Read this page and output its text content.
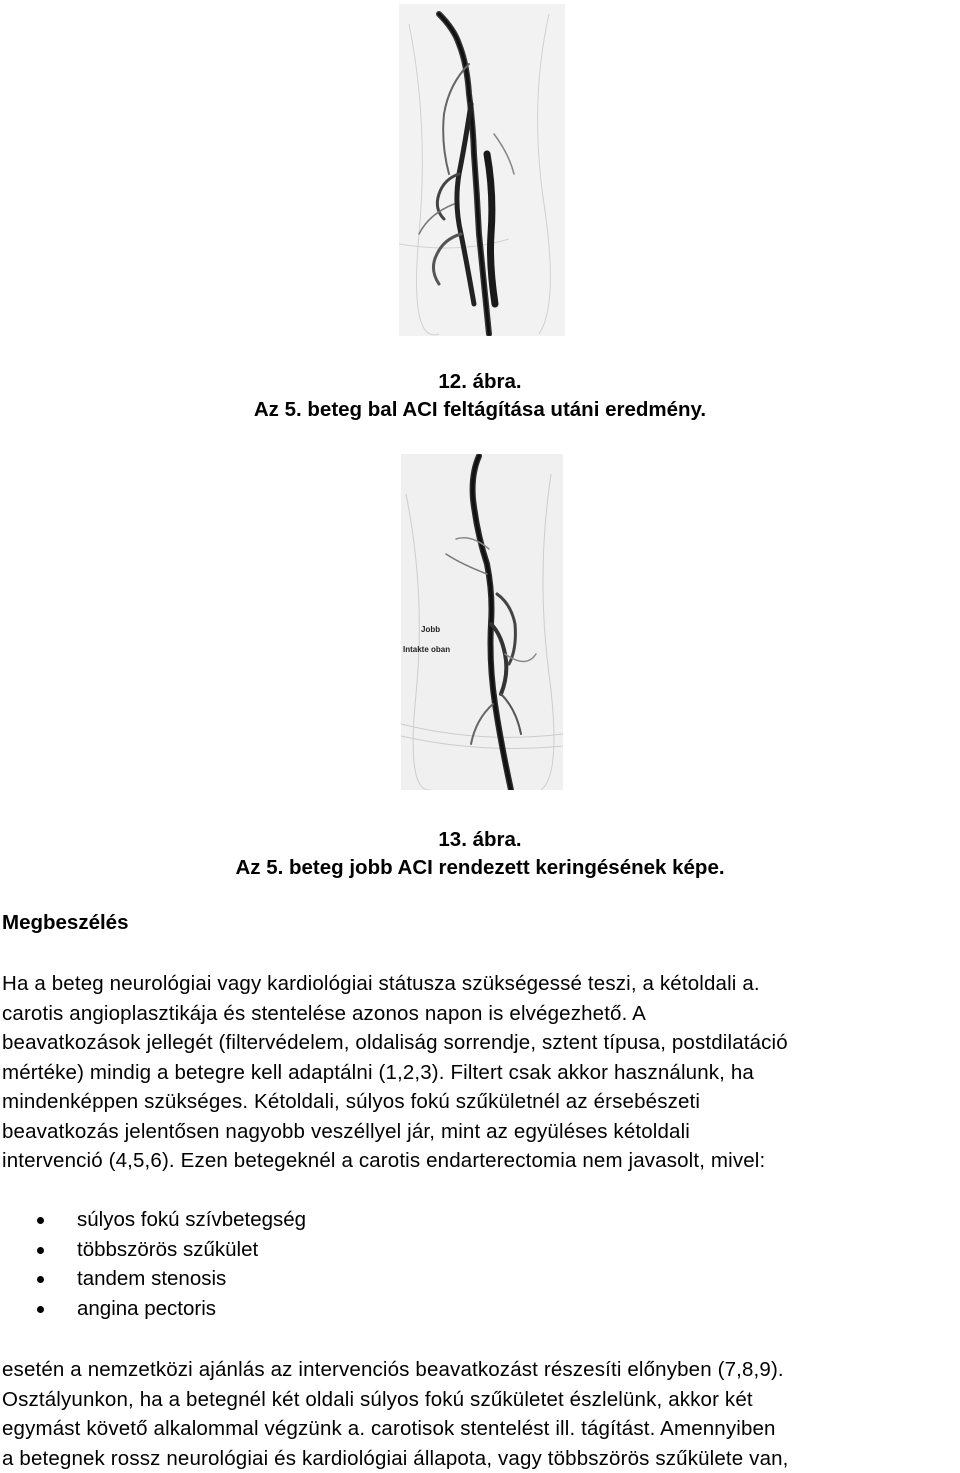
12. ábra.
Az 5. beteg bal ACI feltágítása utáni eredmény.
Jobb
Intakte oban
13. ábra.
Az 5. beteg jobb ACI rendezett keringésének képe.
Megbeszélés
Ha a beteg neurológiai vagy kardiológiai státusza szükségessé teszi, a kétoldali a.
carotis angioplasztikája és stentelése azonos napon is elvégezhető. A
beavatkozások jellegét (filtervédelem, oldaliság sorrendje, sztent típusa, postdilatáció
mértéke) mindig a betegre kell adaptálni (1,2,3). Filtert csak akkor használunk, ha
mindenképpen szükséges. Kétoldali, súlyos fokú szűkületnél az érsebészeti
beavatkozás jelentősen nagyobb veszéllyel jár, mint az együléses kétoldali
intervenció (4,5,6). Ezen betegeknél a carotis endarterectomia nem javasolt, mivel:
súlyos fokú szívbetegség
többszörös szűkület
tandem stenosis
angina pectoris
esetén a nemzetközi ajánlás az intervenciós beavatkozást részesíti előnyben (7,8,9).
Osztályunkon, ha a betegnél két oldali súlyos fokú szűkületet észlelünk, akkor két
egymást követő alkalommal végzünk a. carotisok stentelést ill. tágítást. Amennyiben
a betegnek rossz neurológiai és kardiológiai állapota, vagy többszörös szűkülete van,
